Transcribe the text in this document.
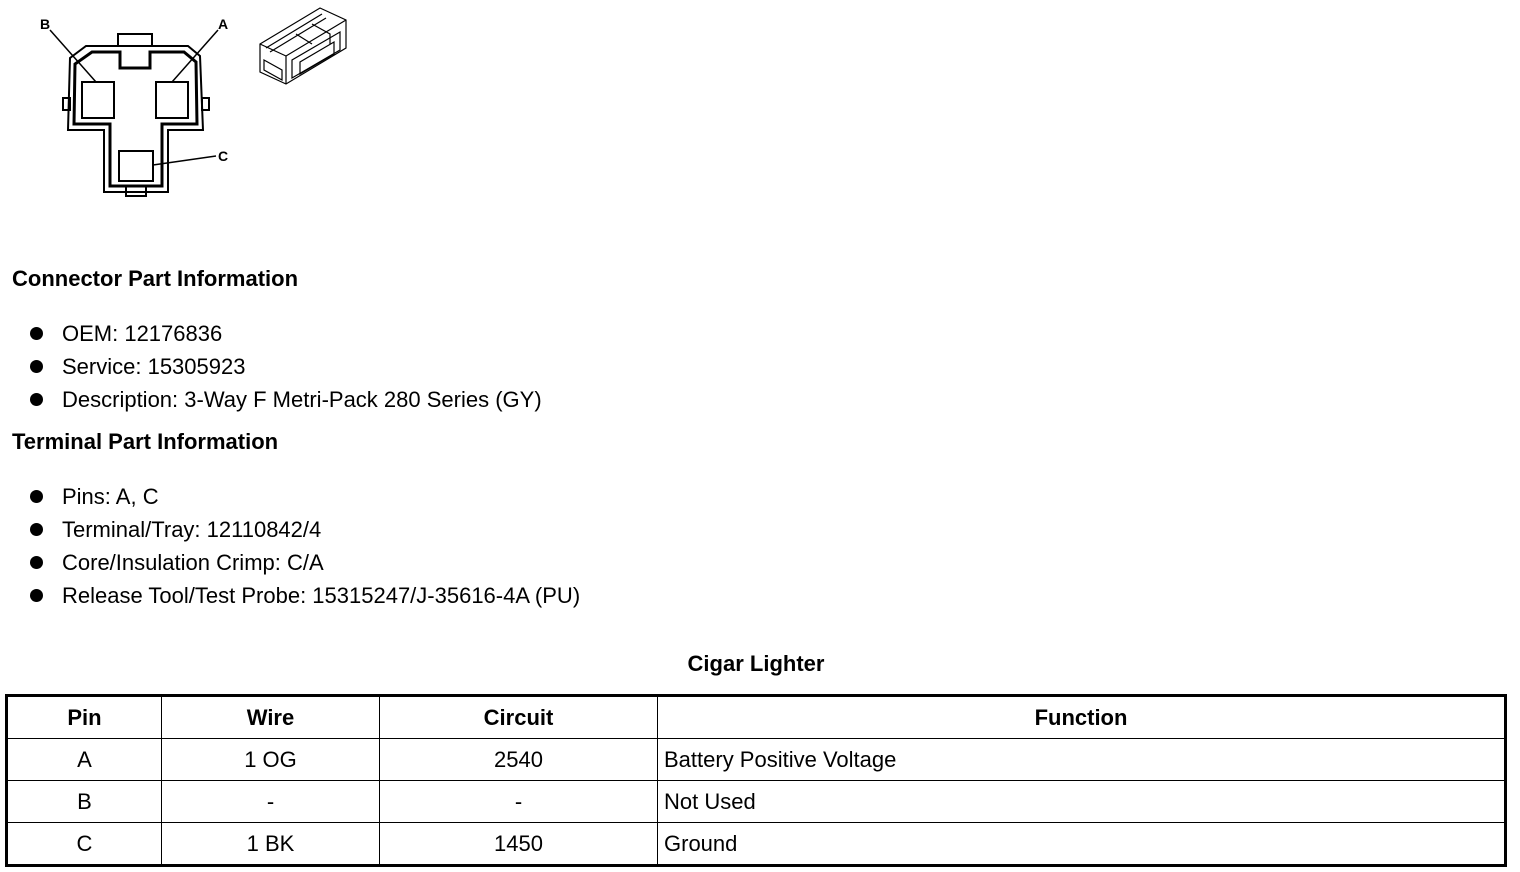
B	A
C
Connector Part Information
OEM: 12176836
Service: 15305923
Description: 3-Way F Metri-Pack 280 Series (GY)
Terminal Part Information
Pins: A, C
Terminal/Tray: 12110842/4
Core/Insulation Crimp: C/A
Release Tool/Test Probe: 15315247/J-35616-4A (PU)
Cigar Lighter
Pin	Wire	Circuit	Function
A	1 OG	2540	Battery Positive Voltage
B	-	-	Not Used
C	1 BK	1450	Ground
